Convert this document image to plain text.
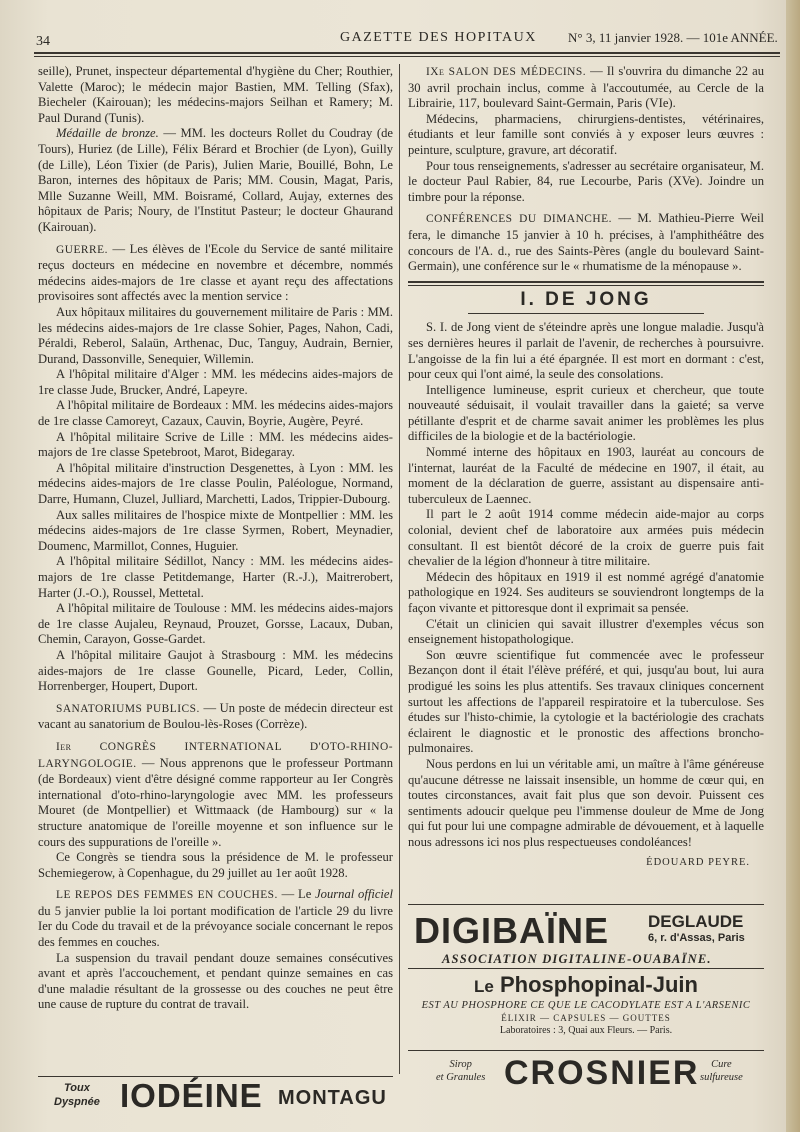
34	GAZETTE DES HOPITAUX N° 3, 11 janvier 1928. — 101e ANNÉE.

seille), Prunet, inspecteur départemental d'hygiène du Cher; Routhier, Valette (Maroc); le médecin major Bastien, MM. Telling (Sfax), Biecheler (Kairouan); les médecins-majors Seilhan et Ramery; M. Paul Durand (Tunis).

Médaille de bronze. — MM. les docteurs Rollet du Coudray (de Tours), Huriez (de Lille), Félix Bérard et Brochier (de Lyon), Guilly (de Lille), Léon Tixier (de Paris), Julien Marie, Bouillé, Bohn, Le Baron, internes des hôpitaux de Paris; MM. Cousin, Magat, Paris, Mlle Suzanne Weill, MM. Boisramé, Collard, Aujay, externes des hôpitaux de Paris; Noury, de l'Institut Pasteur; le docteur Ghaurand (Kairouan).

GUERRE. — Les élèves de l'Ecole du Service de santé militaire reçus docteurs en médecine en novembre et décembre, nommés médecins aides-majors de 1re classe et ayant reçu des affectations provisoires sont affectés avec la mention service :

Aux hôpitaux militaires du gouvernement militaire de Paris : MM. les médecins aides-majors de 1re classe Sohier, Pages, Nahon, Cadi, Péraldi, Reberol, Salaün, Arthenac, Duc, Tanguy, Audrain, Bernier, Durand, Dassonville, Senequier, Willemin.

A l'hôpital militaire d'Alger : MM. les médecins aides-majors de 1re classe Jude, Brucker, André, Lapeyre.

A l'hôpital militaire de Bordeaux : MM. les médecins aides-majors de 1re classe Camoreyt, Cazaux, Cauvin, Boyrie, Augère, Peyré.

A l'hôpital militaire Scrive de Lille : MM. les médecins aides-majors de 1re classe Spetebroot, Marot, Bidegaray.

A l'hôpital militaire d'instruction Desgenettes, à Lyon : MM. les médecins aides-majors de 1re classe Poulin, Paléologue, Normand, Darre, Humann, Cluzel, Julliard, Marchetti, Lados, Trippier-Dubourg.

Aux salles militaires de l'hospice mixte de Montpellier : MM. les médecins aides-majors de 1re classe Syrmen, Robert, Meynadier, Doumenc, Marmillot, Connes, Huguier.

A l'hôpital militaire Sédillot, Nancy : MM. les médecins aides-majors de 1re classe Petitdemange, Harter (R.-J.), Maitrerobert, Harter (J.-O.), Roussel, Mettetal.

A l'hôpital militaire de Toulouse : MM. les médecins aides-majors de 1re classe Aujaleu, Reynaud, Prouzet, Gorsse, Lacaux, Duban, Chemin, Carayon, Gosse-Gardet.

A l'hôpital militaire Gaujot à Strasbourg : MM. les médecins aides-majors de 1re classe Gounelle, Picard, Leder, Collin, Horrenberger, Houpert, Duport.

SANATORIUMS PUBLICS. — Un poste de médecin directeur est vacant au sanatorium de Boulou-lès-Roses (Corrèze).

Ier CONGRÈS INTERNATIONAL D'OTO-RHINO-LARYNGOLOGIE. — Nous apprenons que le professeur Portmann (de Bordeaux) vient d'être désigné comme rapporteur au Ier Congrès international d'oto-rhino-laryngologie avec MM. les professeurs Mouret (de Montpellier) et Wittmaack (de Hambourg) sur « la structure anatomique de l'oreille moyenne et son influence sur le cours des suppurations de l'oreille ».

Ce Congrès se tiendra sous la présidence de M. le professeur Schemiegerow, à Copenhague, du 29 juillet au 1er août 1928.

LE REPOS DES FEMMES EN COUCHES. — Le Journal officiel du 5 janvier publie la loi portant modification de l'article 29 du livre Ier du Code du travail et de la prévoyance sociale concernant le repos des femmes en couches.

La suspension du travail pendant douze semaines consécutives avant et après l'accouchement, et pendant quinze semaines en cas d'une maladie résultant de la grossesse ou des couches ne peut être une cause de rupture du contrat de travail.

IXe SALON DES MÉDECINS. — Il s'ouvrira du dimanche 22 au 30 avril prochain inclus, comme à l'accoutumée, au Cercle de la Librairie, 117, boulevard Saint-Germain, Paris (VIe).

Médecins, pharmaciens, chirurgiens-dentistes, vétérinaires, étudiants et leur famille sont conviés à y exposer leurs œuvres : peinture, sculpture, gravure, art décoratif.

Pour tous renseignements, s'adresser au secrétaire organisateur, M. le docteur Paul Rabier, 84, rue Lecourbe, Paris (XVe). Joindre un timbre pour la réponse.

CONFÉRENCES DU DIMANCHE. — M. Mathieu-Pierre Weil fera, le dimanche 15 janvier à 10 h. précises, à l'amphithéâtre des concours de l'A. d., rue des Saints-Pères (angle du boulevard Saint-Germain), une conférence sur le « rhumatisme de la ménopause ».

I. DE JONG

S. I. de Jong vient de s'éteindre après une longue maladie. Jusqu'à ses dernières heures il parlait de l'avenir, de recherches à poursuivre. L'angoisse de la fin lui a été épargnée. Il est mort en dormant : c'est, pour ceux qui l'ont aimé, la seule des consolations.

Intelligence lumineuse, esprit curieux et chercheur, que toute nouveauté séduisait, il voulait travailler dans la gaieté; sa verve pétillante d'esprit et de charme savait animer les problèmes les plus difficiles de la biologie et de la bactériologie.

Nommé interne des hôpitaux en 1903, lauréat au concours de l'internat, lauréat de la Faculté de médecine en 1907, il était, au moment de la déclaration de guerre, assistant au dispensaire anti-tuberculeux de Laennec.

Il part le 2 août 1914 comme médecin aide-major au corps colonial, devient chef de laboratoire aux armées puis médecin consultant. Il est bientôt décoré de la croix de guerre puis fait chevalier de la légion d'honneur à titre militaire.

Médecin des hôpitaux en 1919 il est nommé agrégé d'anatomie pathologique en 1924. Ses auditeurs se souviendront longtemps de la façon vivante et pittoresque dont il exprimait sa pensée.

C'était un clinicien qui savait illustrer d'exemples vécus son enseignement histopathologique.

Son œuvre scientifique fut commencée avec le professeur Bezançon dont il était l'élève préféré, et qui, jusqu'au bout, lui aura prodigué les soins les plus attentifs. Ses travaux cliniques concernent surtout les affections de l'appareil respiratoire et la tuberculose. Ses études sur l'histo-chimie, la cytologie et la bactériologie des crachats éclairent le diagnostic et le pronostic des affections broncho-pulmonaires.

Nous perdons en lui un véritable ami, un maître à l'âme généreuse qu'aucune détresse ne laissait insensible, un homme de cœur qui, en toutes circonstances, avait fait plus que son devoir. Puissent ces sentiments adoucir quelque peu l'immense douleur de Mme de Jong qui fut pour lui une compagne admirable de dévouement, et à laquelle nous adressons ici nos plus respectueuses condoléances!

ÉDOUARD PEYRE.
DIGIBAÏNE DEGLAUDE
6, r. d'Assas, Paris
ASSOCIATION DIGITALINE-OUABAÏNE.
Le Phosphopinal-Juin
EST AU PHOSPHORE CE QUE LE CACODYLATE EST A L'ARSENIC
ÉLIXIR — CAPSULES — GOUTTES
Laboratoires : 3, Quai aux Fleurs. — Paris.
Sirop
et Granules CROSNIER	Cure
sulfureuse
Toux
Dyspnée IODÉINE MONTAGU
